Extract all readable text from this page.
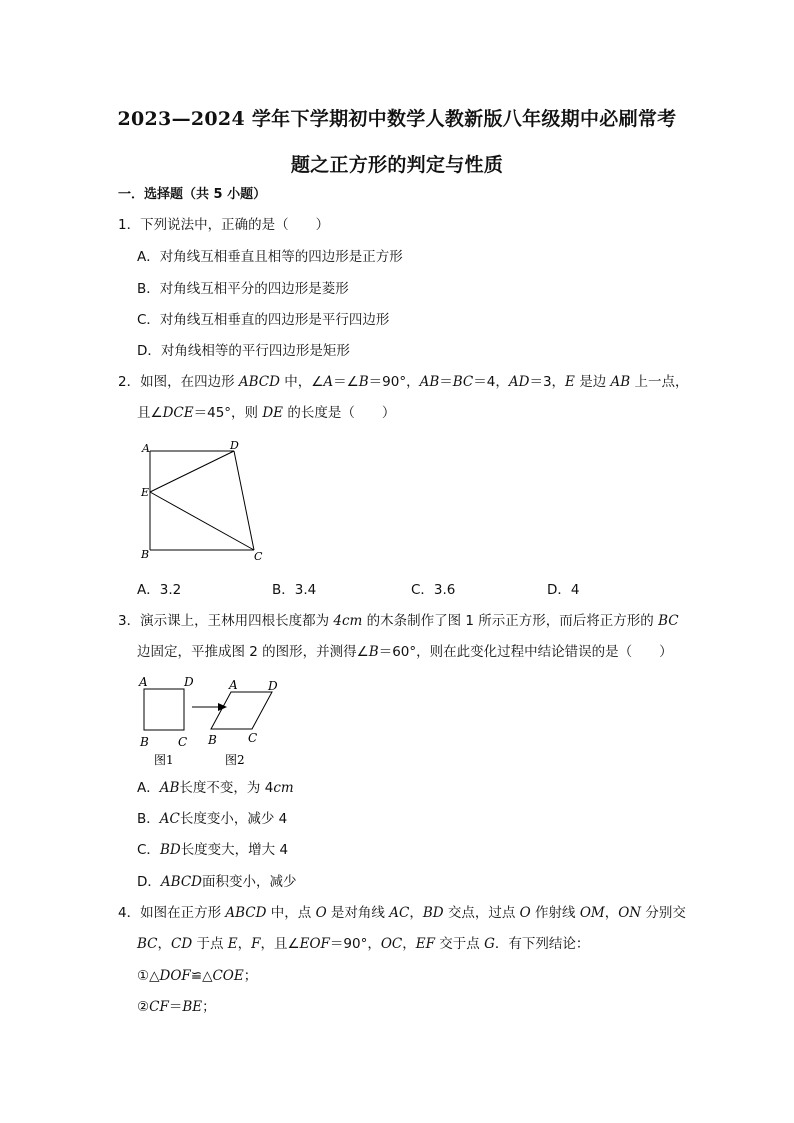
2023—2024 学年下学期初中数学人教新版八年级期中必刷常考
题之正方形的判定与性质
一．选择题（共 5 小题）
1．下列说法中，正确的是（　　）
A．对角线互相垂直且相等的四边形是正方形
B．对角线互相平分的四边形是菱形
C．对角线互相垂直的四边形是平行四边形
D．对角线相等的平行四边形是矩形
2．如图，在四边形 ABCD 中，∠A＝∠B＝90°，AB＝BC＝4，AD＝3，E 是边 AB 上一点，
且∠DCE＝45°，则 DE 的长度是（　　）
A	D
E
B	C
A．3.2	B．3.4	C．3.6	D．4
3．演示课上，王林用四根长度都为 4cm 的木条制作了图 1 所示正方形，而后将正方形的 BC
边固定，平推成图 2 的图形，并测得∠B＝60°，则在此变化过程中结论错误的是（　　）
A	D
B C
A	D
B	C
图1	图2
A．AB长度不变，为 4cm
B．AC长度变小，减少 4
C．BD长度变大，增大 4
D．ABCD面积变小，减少
4．如图在正方形 ABCD 中，点 O 是对角线 AC，BD 交点，过点 O 作射线 OM，ON 分别交
BC，CD 于点 E，F，且∠EOF＝90°，OC，EF 交于点 G．有下列结论：
①△DOF≌△COE；
②CF＝BE；
